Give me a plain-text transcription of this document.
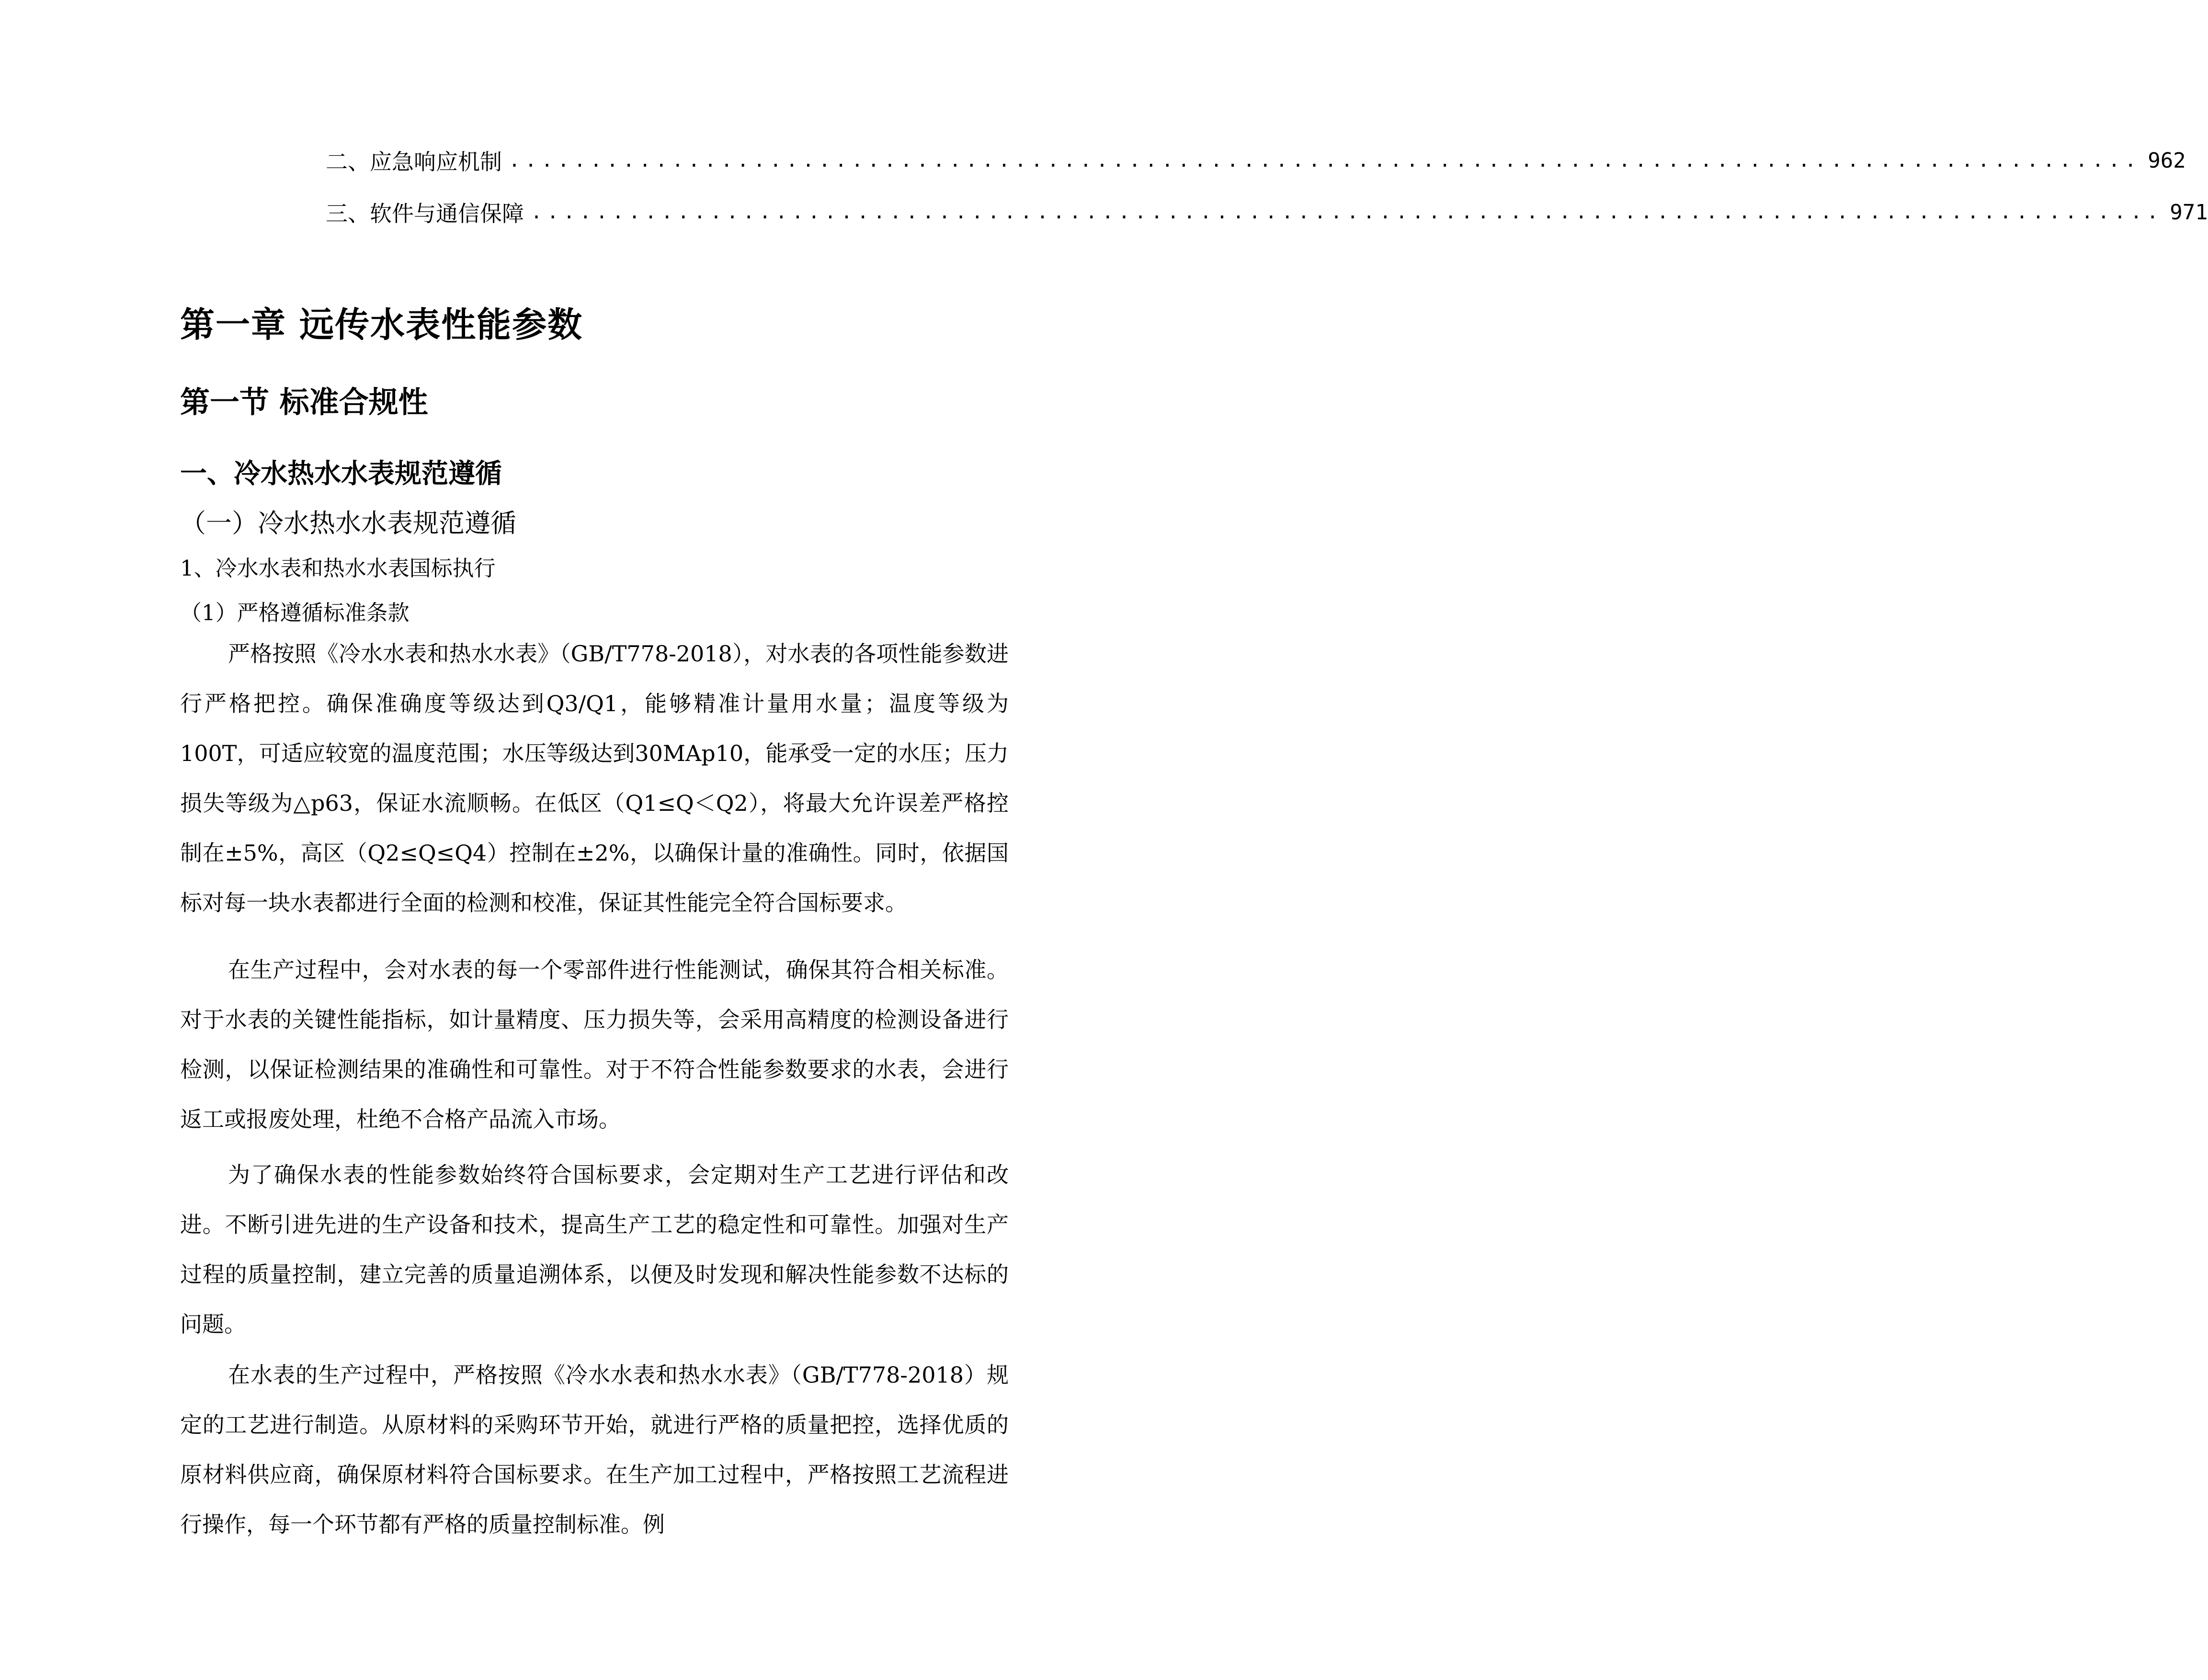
二、 应急响应机制 .................................................................................................... 962
三、 软件与通信保障 .................................................................................................... 971
第一章 远传水表性能参数
第一节 标准合规性
一、冷水热水水表规范遵循
（一）冷水热水水表规范遵循
1、冷水水表和热水水表国标执行
（1）严格遵循标准条款

严格按照《冷水水表和热水水表》（GB/T778-2018），对水表的各项性能参数进行严格把控。确保准确度等级达到Q3/Q1，能够精准计量用水量；温度等级为100T，可适应较宽的温度范围；水压等级达到30MAp10，能承受一定的水压；压力损失等级为△p63，保证水流顺畅。在低区（Q1≤Q＜Q2），将最大允许误差严格控制在±5%，高区（Q2≤Q≤Q4）控制在±2%，以确保计量的准确性。同时，依据国标对每一块水表都进行全面的检测和校准，保证其性能完全符合国标要求。

在生产过程中，会对水表的每一个零部件进行性能测试，确保其符合相关标准。对于水表的关键性能指标，如计量精度、压力损失等，会采用高精度的检测设备进行检测，以保证检测结果的准确性和可靠性。对于不符合性能参数要求的水表，会进行返工或报废处理，杜绝不合格产品流入市场。

为了确保水表的性能参数始终符合国标要求，会定期对生产工艺进行评估和改进。不断引进先进的生产设备和技术，提高生产工艺的稳定性和可靠性。加强对生产过程的质量控制，建立完善的质量追溯体系，以便及时发现和解决性能参数不达标的问题。

在水表的生产过程中，严格按照《冷水水表和热水水表》（GB/T778-2018）规定的工艺进行制造。从原材料的采购环节开始，就进行严格的质量把控，选择优质的原材料供应商，确保原材料符合国标要求。在生产加工过程中，严格按照工艺流程进行操作，每一个环节都有严格的质量控制标准。例
